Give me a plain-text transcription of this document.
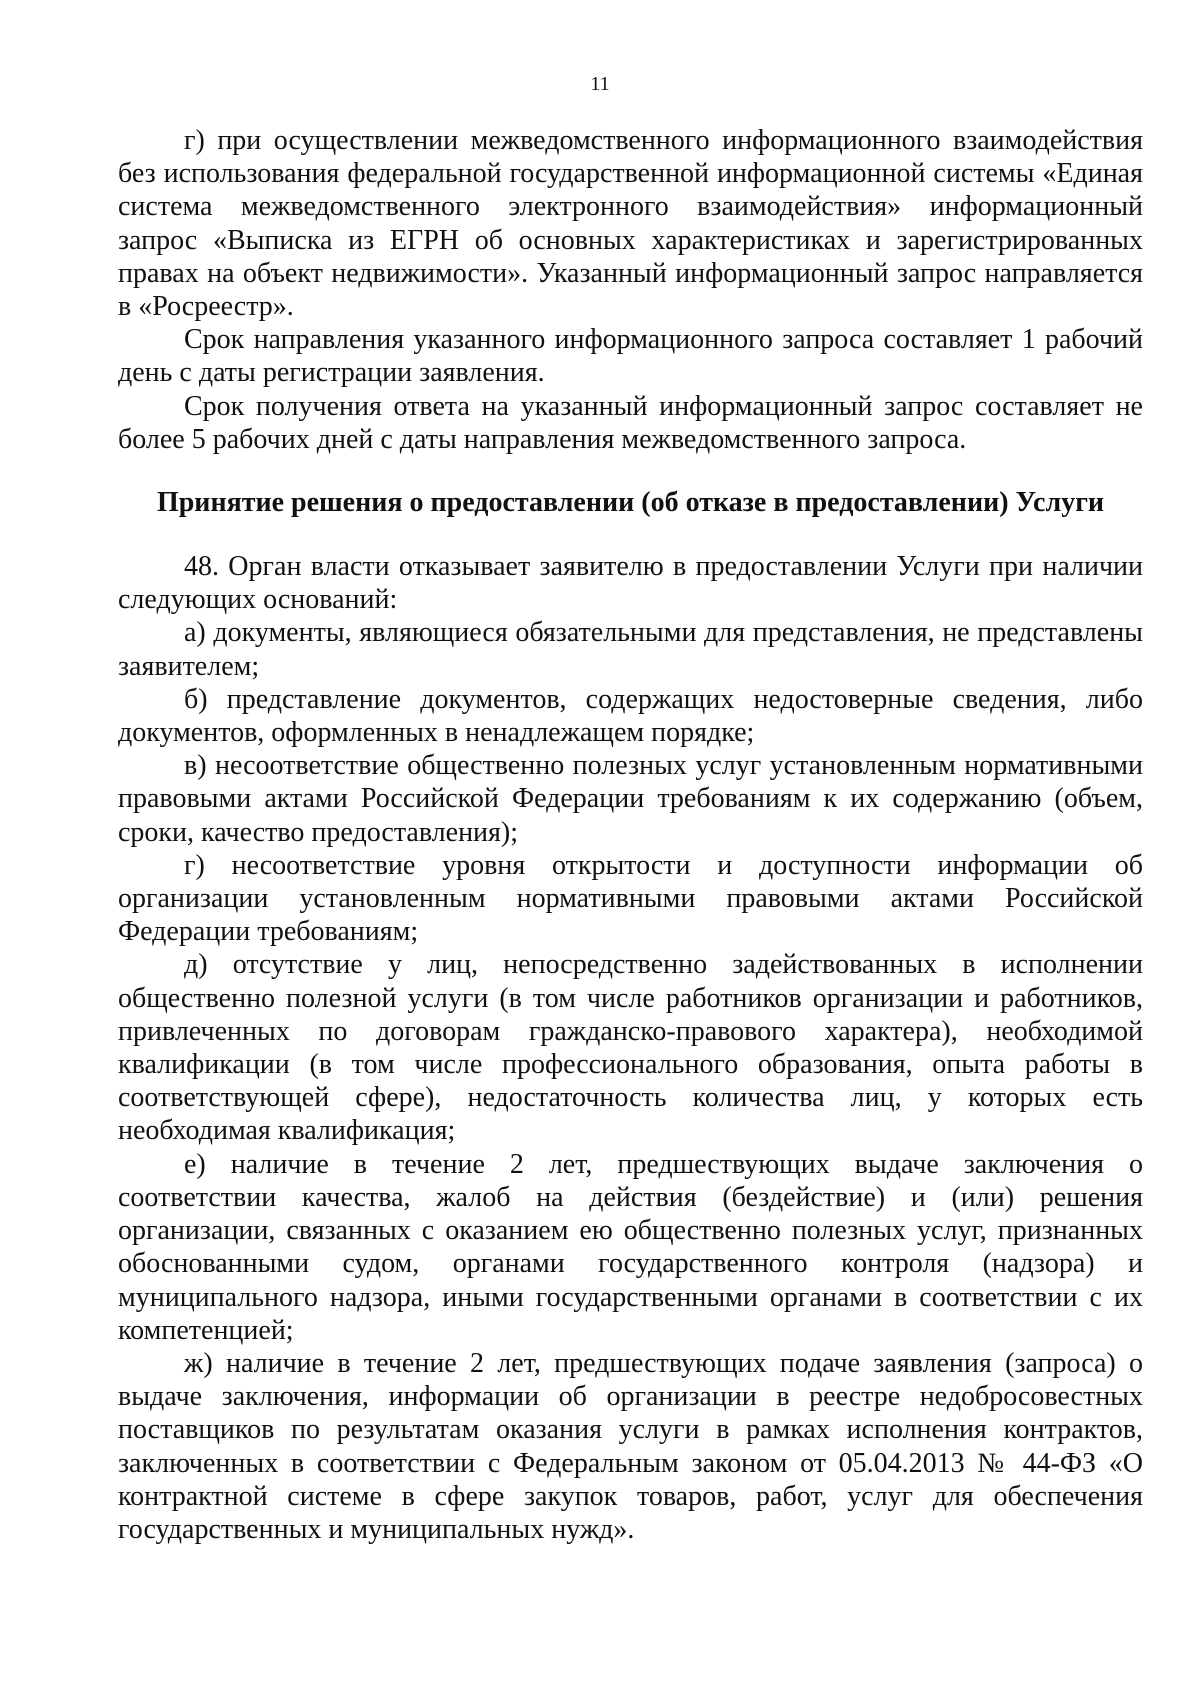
11

г) при осуществлении межведомственного информационного взаимодействия без использования федеральной государственной информационной системы «Единая система межведомственного электронного взаимодействия» информационный запрос «Выписка из ЕГРН об основных характеристиках и зарегистрированных правах на объект недвижимости». Указанный информационный запрос направляется в «Росреестр».

Срок направления указанного информационного запроса составляет 1 рабочий день с даты регистрации заявления.

Срок получения ответа на указанный информационный запрос составляет не более 5 рабочих дней с даты направления межведомственного запроса.

Принятие решения о предоставлении (об отказе в предоставлении) Услуги

48. Орган власти отказывает заявителю в предоставлении Услуги при наличии следующих оснований:

а) документы, являющиеся обязательными для представления, не представлены заявителем;

б) представление документов, содержащих недостоверные сведения, либо документов, оформленных в ненадлежащем порядке;

в) несоответствие общественно полезных услуг установленным нормативными правовыми актами Российской Федерации требованиям к их содержанию (объем, сроки, качество предоставления);

г) несоответствие уровня открытости и доступности информации об организации установленным нормативными правовыми актами Российской Федерации требованиям;

д) отсутствие у лиц, непосредственно задействованных в исполнении общественно полезной услуги (в том числе работников организации и работников, привлеченных по договорам гражданско-правового характера), необходимой квалификации (в том числе профессионального образования, опыта работы в соответствующей сфере), недостаточность количества лиц, у которых есть необходимая квалификация;

е) наличие в течение 2 лет, предшествующих выдаче заключения о соответствии качества, жалоб на действия (бездействие) и (или) решения организации, связанных с оказанием ею общественно полезных услуг, признанных обоснованными судом, органами государственного контроля (надзора) и муниципального надзора, иными государственными органами в соответствии с их компетенцией;

ж) наличие в течение 2 лет, предшествующих подаче заявления (запроса) о выдаче заключения, информации об организации в реестре недобросовестных поставщиков по результатам оказания услуги в рамках исполнения контрактов, заключенных в соответствии с Федеральным законом от 05.04.2013 № 44-ФЗ «О контрактной системе в сфере закупок товаров, работ, услуг для обеспечения государственных и муниципальных нужд».
